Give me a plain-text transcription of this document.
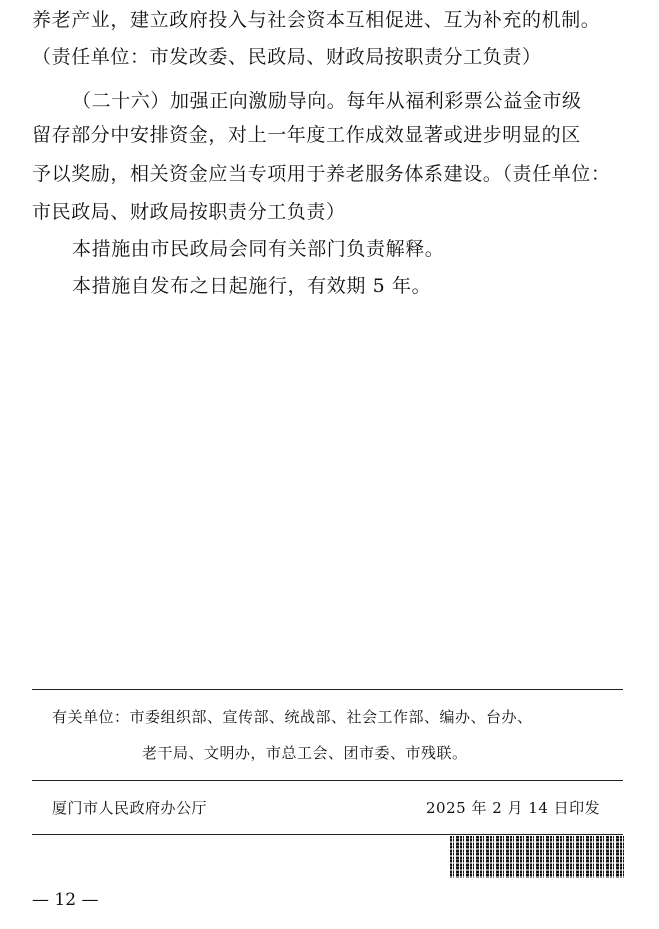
养老产业，建立政府投入与社会资本互相促进、互为补充的机制。
（责任单位：市发改委、民政局、财政局按职责分工负责）
（二十六）加强正向激励导向。每年从福利彩票公益金市级
留存部分中安排资金，对上一年度工作成效显著或进步明显的区
予以奖励，相关资金应当专项用于养老服务体系建设。（责任单位：
市民政局、财政局按职责分工负责）
本措施由市民政局会同有关部门负责解释。
本措施自发布之日起施行，有效期 5 年。
有关单位：市委组织部、宣传部、统战部、社会工作部、编办、台办、
老干局、文明办，市总工会、团市委、市残联。
厦门市人民政府办公厅	2025 年 2 月 14 日印发
— 12 —
